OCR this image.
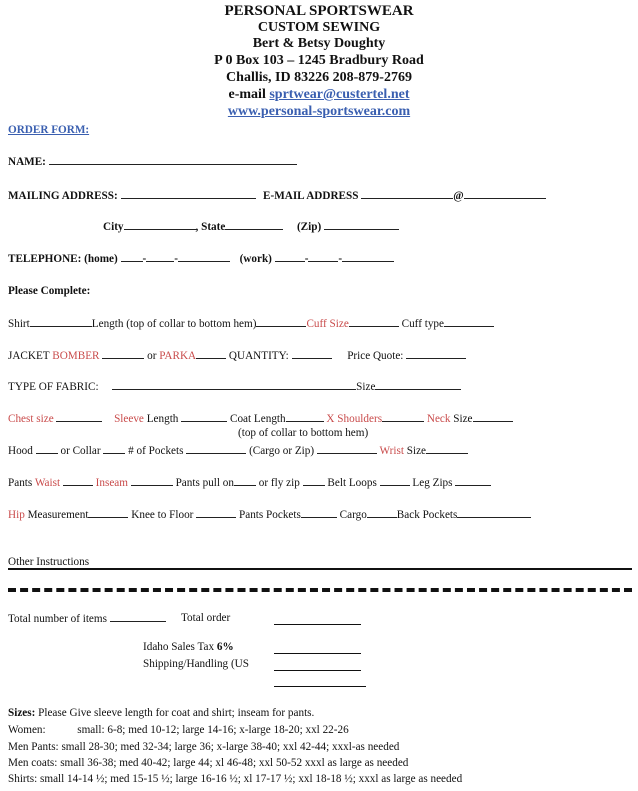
PERSONAL SPORTSWEAR
CUSTOM SEWING
Bert & Betsy Doughty
P 0 Box 103 – 1245 Bradbury Road
Challis, ID 83226 208-879-2769
e-mail sprtwear@custertel.net
www.personal-sportswear.com
ORDER FORM:
NAME:
MAILING ADDRESS:	E-MAIL ADDRESS	@
City	, State	(Zip)
TELEPHONE: (home) -	-	(work)	-	-
Please Complete:
Shirt	Length (top of collar to bottom hem)	Cuff Size	Cuff type
JACKET BOMBER	or PARKA	QUANTITY:	Price Quote:
TYPE OF FABRIC:	Size
Chest size	Sleeve Length	Coat Length	X Shoulders	Neck Size
(top of collar to bottom hem)
Hood or Collar # of Pockets	(Cargo or Zip)	Wrist Size
Pants Waist	Inseam	Pants pull on or fly zip Belt Loops	Leg Zips
Hip Measurement	Knee to Floor	Pants Pockets	Cargo	Back Pockets
Other Instructions
Total number of items	Total order
Idaho Sales Tax 6%
Shipping/Handling (US
Sizes: Please Give sleeve length for coat and shirt; inseam for pants.
Women:	small: 6-8; med 10-12; large 14-16; x-large 18-20; xxl 22-26
Men Pants: small 28-30; med 32-34; large 36; x-large 38-40; xxl 42-44; xxxl-as needed
Men coats: small 36-38; med 40-42; large 44; xl 46-48; xxl 50-52 xxxl as large as needed
Shirts: small 14-14 ½; med 15-15 ½; large 16-16 ½; xl 17-17 ½; xxl 18-18 ½; xxxl as large as needed
